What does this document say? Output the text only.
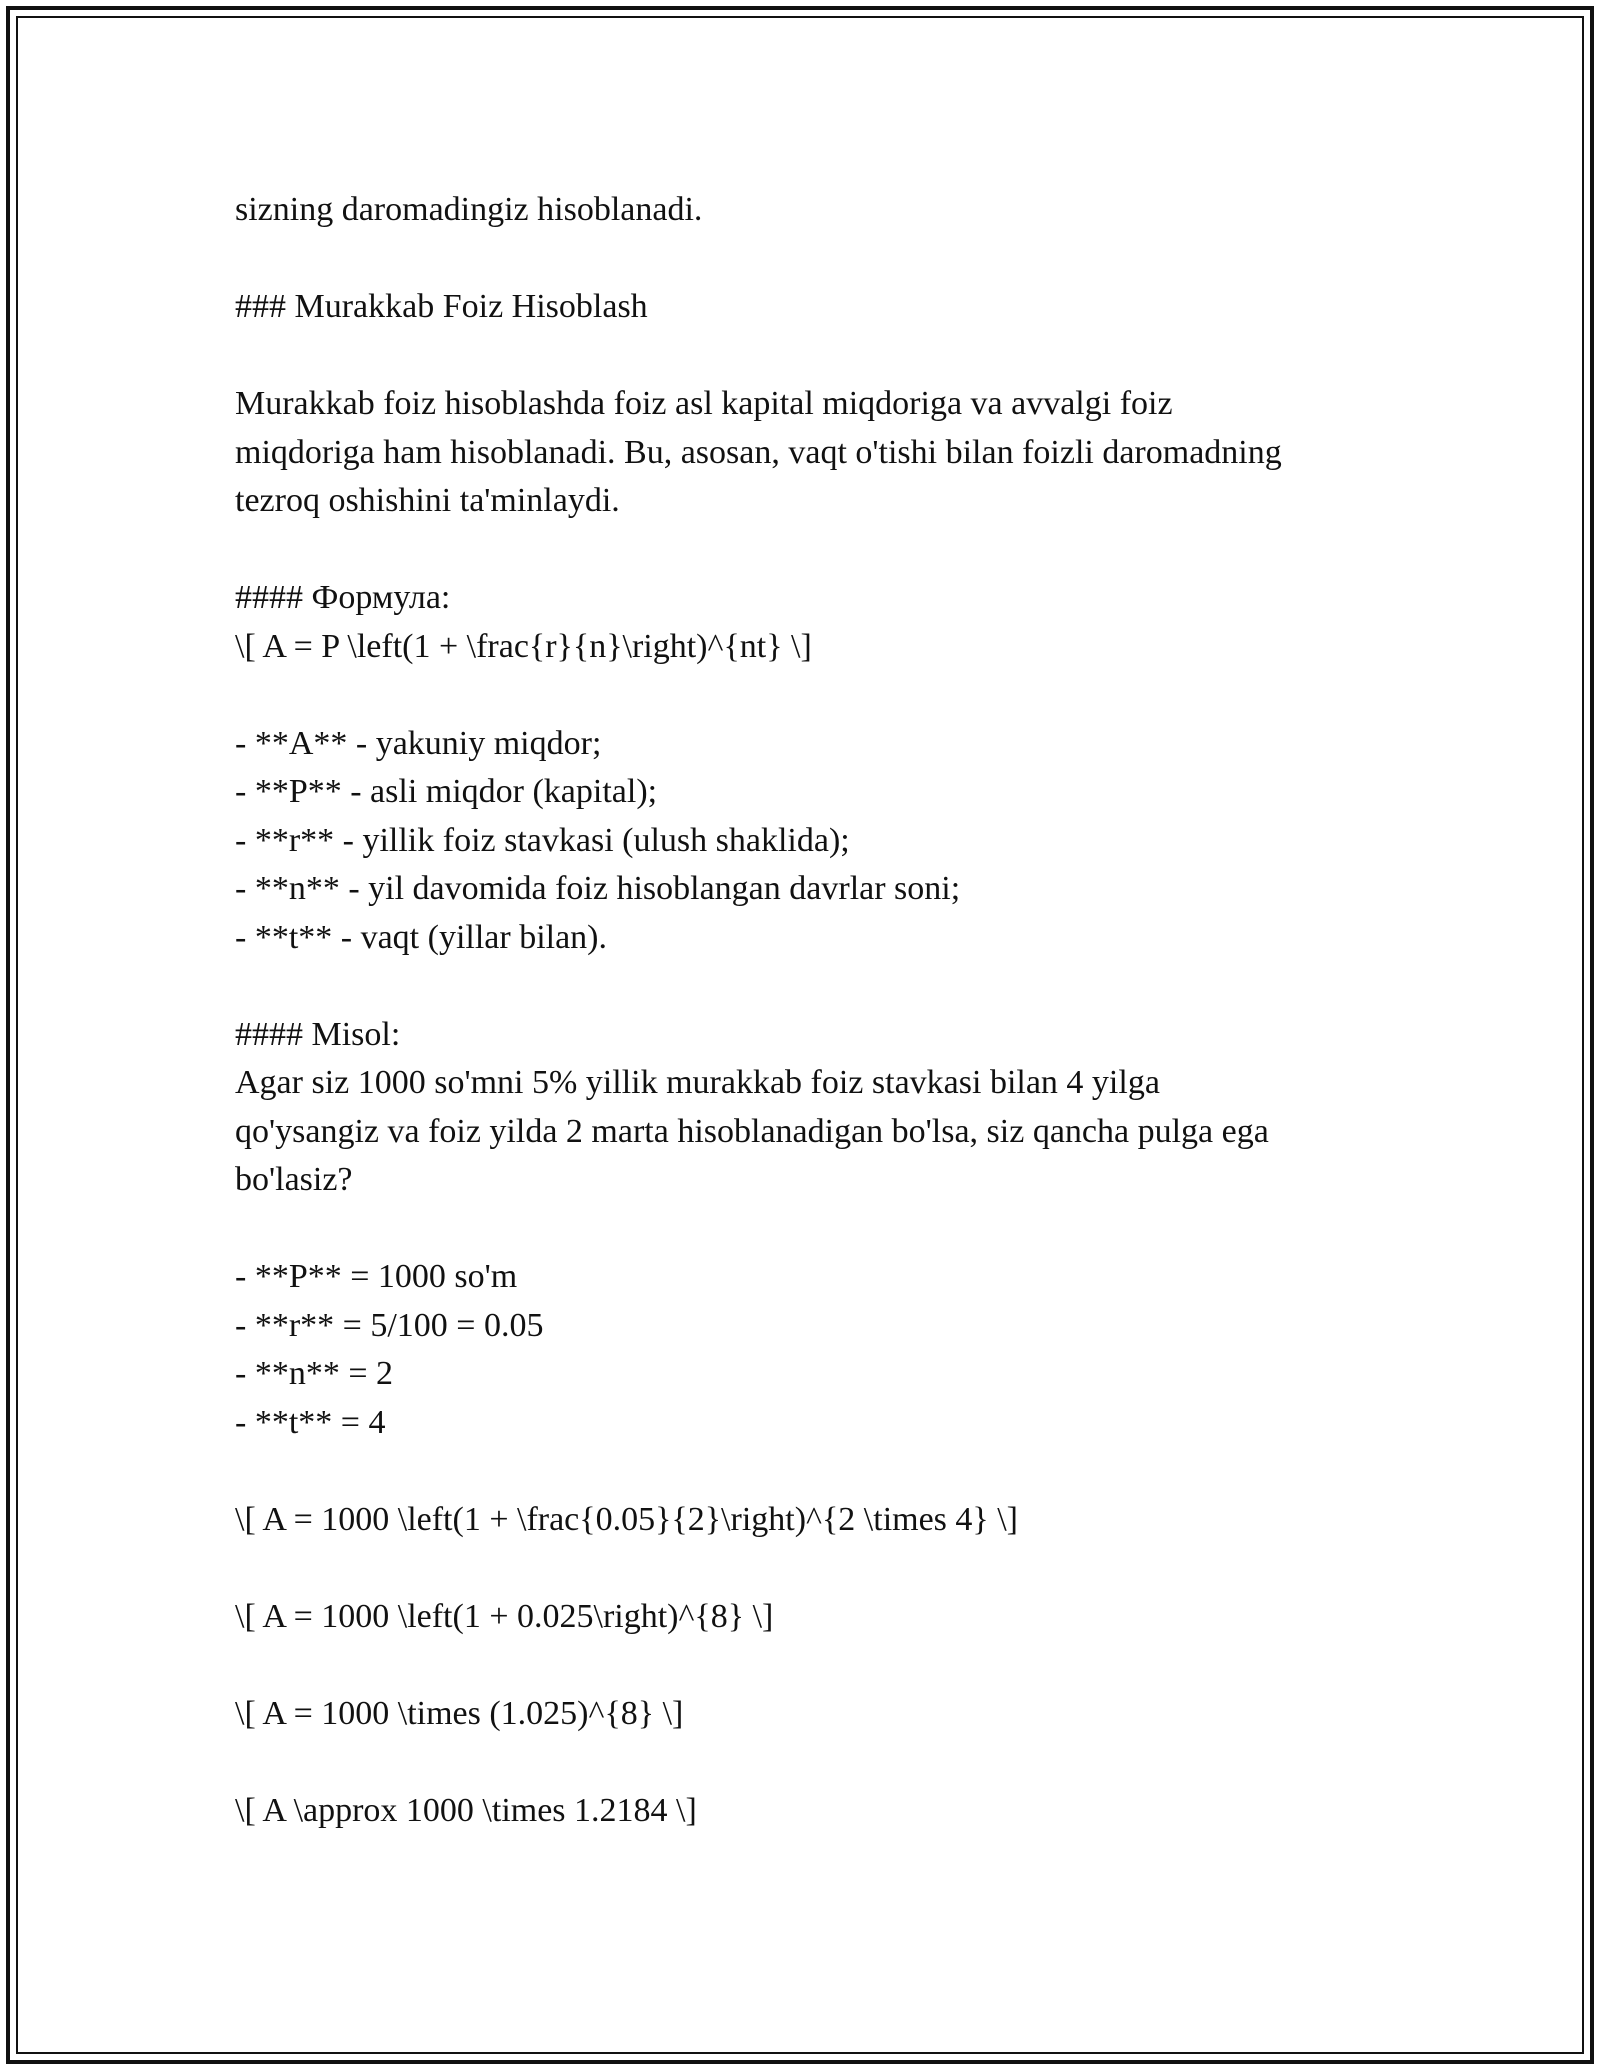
sizning daromadingiz hisoblanadi.
### Murakkab Foiz Hisoblash
Murakkab foiz hisoblashda foiz asl kapital miqdoriga va avvalgi foiz
miqdoriga ham hisoblanadi. Bu, asosan, vaqt o'tishi bilan foizli daromadning
tezroq oshishini ta'minlaydi.
#### Формула:
\[ A = P \left(1 + \frac{r}{n}\right)^{nt} \]
- **A** - yakuniy miqdor;
- **P** - asli miqdor (kapital);
- **r** - yillik foiz stavkasi (ulush shaklida);
- **n** - yil davomida foiz hisoblangan davrlar soni;
- **t** - vaqt (yillar bilan).
#### Misol:
Agar siz 1000 so'mni 5% yillik murakkab foiz stavkasi bilan 4 yilga
qo'ysangiz va foiz yilda 2 marta hisoblanadigan bo'lsa, siz qancha pulga ega
bo'lasiz?
- **P** = 1000 so'm
- **r** = 5/100 = 0.05
- **n** = 2
- **t** = 4
\[ A = 1000 \left(1 + \frac{0.05}{2}\right)^{2 \times 4} \]
\[ A = 1000 \left(1 + 0.025\right)^{8} \]
\[ A = 1000 \times (1.025)^{8} \]
\[ A \approx 1000 \times 1.2184 \]
